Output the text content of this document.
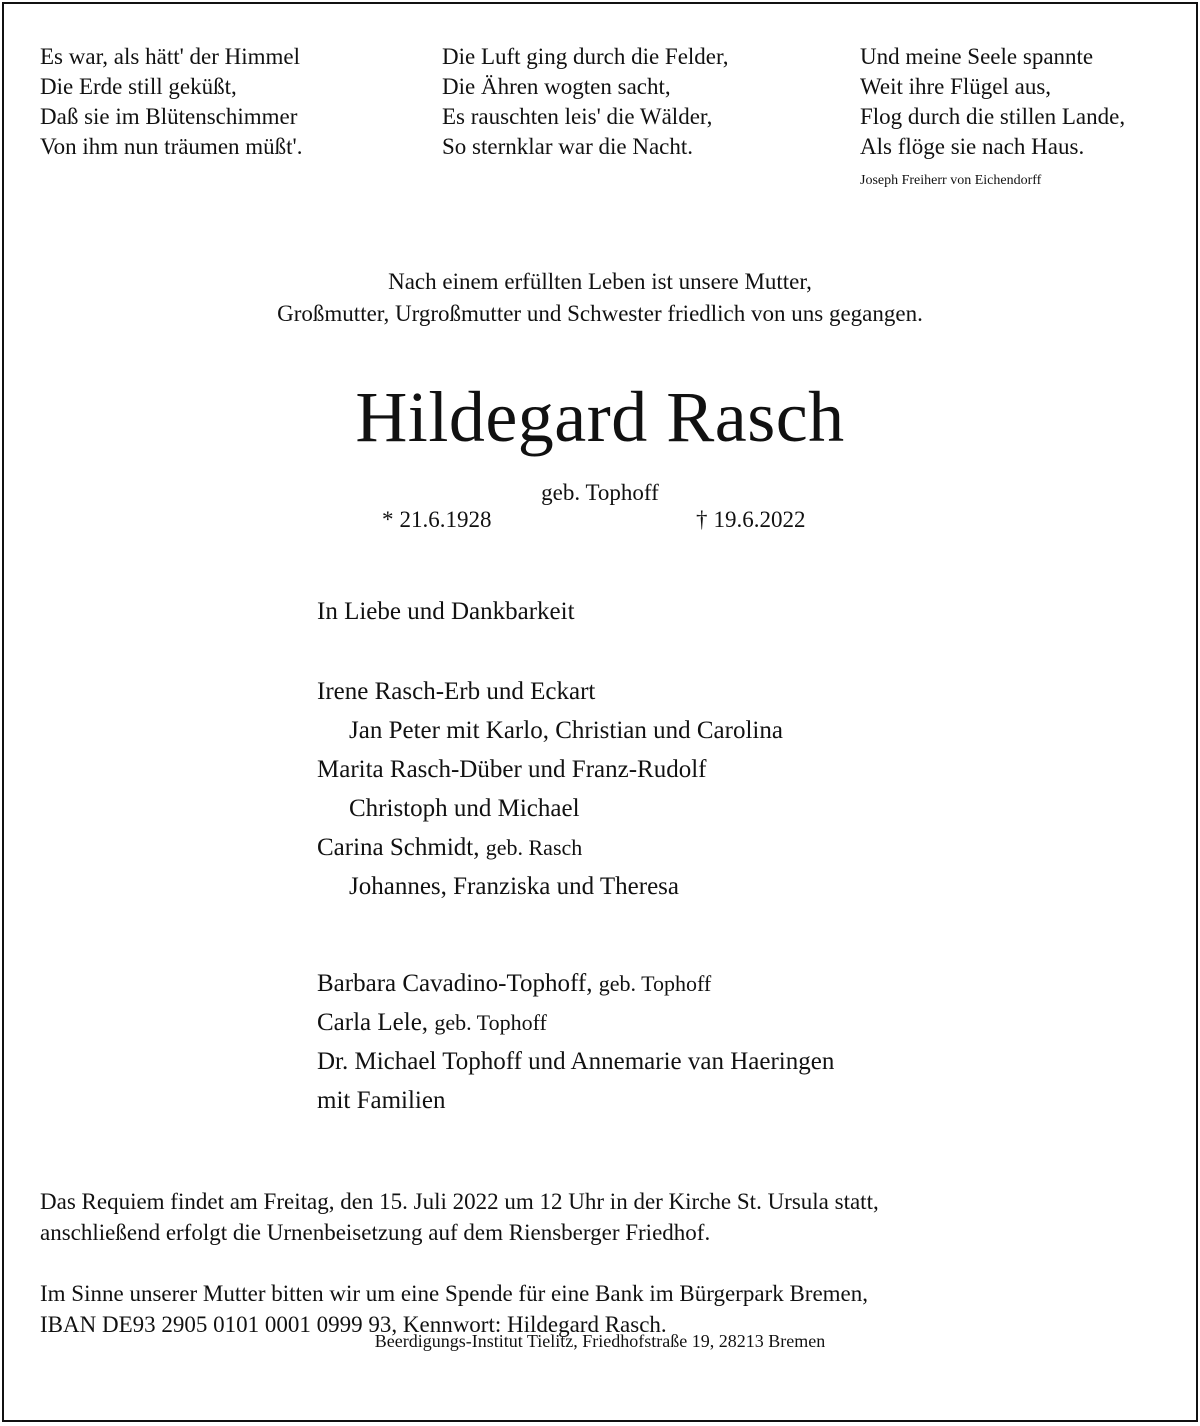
Es war, als hätt' der Himmel

Die Erde still geküßt,

Daß sie im Blütenschimmer

Von ihm nun träumen müßt'.

Die Luft ging durch die Felder,

Die Ähren wogten sacht,

Es rauschten leis' die Wälder,

So sternklar war die Nacht.

Und meine Seele spannte

Weit ihre Flügel aus,

Flog durch die stillen Lande,

Als flöge sie nach Haus.

Joseph Freiherr von Eichendorff

Nach einem erfüllten Leben ist unsere Mutter,

Großmutter, Urgroßmutter und Schwester friedlich von uns gegangen.

Hildegard Rasch
geb. Tophoff
* 21.6.1928	† 19.6.2022

In Liebe und Dankbarkeit

Irene Rasch-Erb und Eckart

Jan Peter mit Karlo, Christian und Carolina

Marita Rasch-Düber und Franz-Rudolf

Christoph und Michael

Carina Schmidt, geb. Rasch

Johannes, Franziska und Theresa

Barbara Cavadino-Tophoff, geb. Tophoff

Carla Lele, geb. Tophoff

Dr. Michael Tophoff und Annemarie van Haeringen

mit Familien

Das Requiem findet am Freitag, den 15. Juli 2022 um 12 Uhr in der Kirche St. Ursula statt,

anschließend erfolgt die Urnenbeisetzung auf dem Riensberger Friedhof.

Im Sinne unserer Mutter bitten wir um eine Spende für eine Bank im Bürgerpark Bremen,

IBAN DE93 2905 0101 0001 0999 93, Kennwort: Hildegard Rasch.

Beerdigungs-Institut Tielitz, Friedhofstraße 19, 28213 Bremen
